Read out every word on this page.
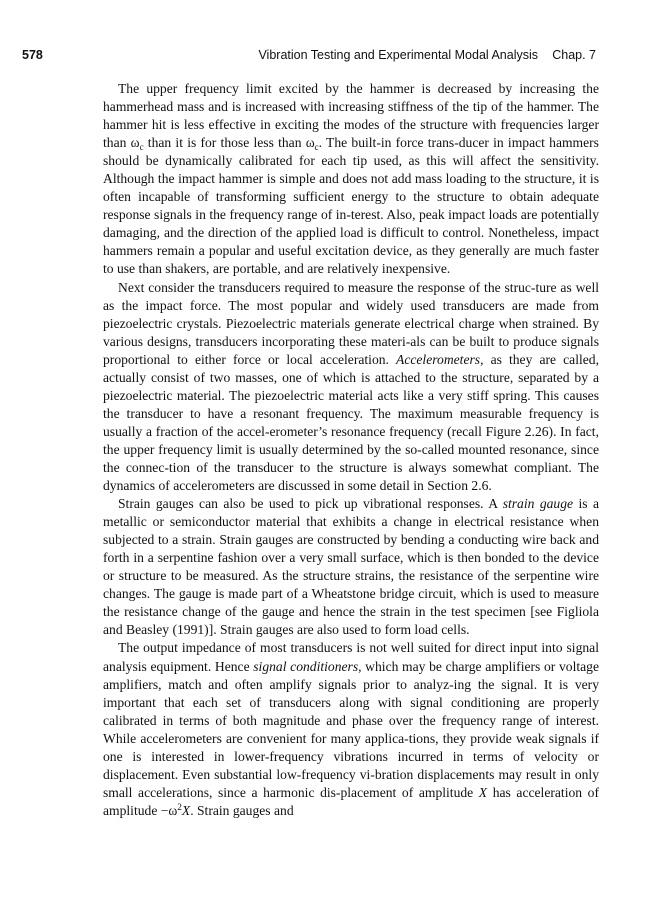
578	Vibration Testing and Experimental Modal Analysis Chap. 7

The upper frequency limit excited by the hammer is decreased by increasing the hammerhead mass and is increased with increasing stiffness of the tip of the hammer. The hammer hit is less effective in exciting the modes of the structure with frequencies larger than $\omega_c$ than it is for those less than $\omega_c$. The built-in force trans-ducer in impact hammers should be dynamically calibrated for each tip used, as this will affect the sensitivity. Although the impact hammer is simple and does not add mass loading to the structure, it is often incapable of transforming sufficient energy to the structure to obtain adequate response signals in the frequency range of in-terest. Also, peak impact loads are potentially damaging, and the direction of the applied load is difficult to control. Nonetheless, impact hammers remain a popular and useful excitation device, as they generally are much faster to use than shakers, are portable, and are relatively inexpensive.

Next consider the transducers required to measure the response of the struc-ture as well as the impact force. The most popular and widely used transducers are made from piezoelectric crystals. Piezoelectric materials generate electrical charge when strained. By various designs, transducers incorporating these materi-als can be built to produce signals proportional to either force or local acceleration. Accelerometers, as they are called, actually consist of two masses, one of which is attached to the structure, separated by a piezoelectric material. The piezoelectric material acts like a very stiff spring. This causes the transducer to have a resonant frequency. The maximum measurable frequency is usually a fraction of the accel-erometer’s resonance frequency (recall Figure 2.26). In fact, the upper frequency limit is usually determined by the so-called mounted resonance, since the connec-tion of the transducer to the structure is always somewhat compliant. The dynamics of accelerometers are discussed in some detail in Section 2.6.

Strain gauges can also be used to pick up vibrational responses. A strain gauge is a metallic or semiconductor material that exhibits a change in electrical resistance when subjected to a strain. Strain gauges are constructed by bending a conducting wire back and forth in a serpentine fashion over a very small surface, which is then bonded to the device or structure to be measured. As the structure strains, the resistance of the serpentine wire changes. The gauge is made part of a Wheatstone bridge circuit, which is used to measure the resistance change of the gauge and hence the strain in the test specimen [see Figliola and Beasley (1991)]. Strain gauges are also used to form load cells.

The output impedance of most transducers is not well suited for direct input into signal analysis equipment. Hence signal conditioners, which may be charge amplifiers or voltage amplifiers, match and often amplify signals prior to analyz-ing the signal. It is very important that each set of transducers along with signal conditioning are properly calibrated in terms of both magnitude and phase over the frequency range of interest. While accelerometers are convenient for many applica-tions, they provide weak signals if one is interested in lower-frequency vibrations incurred in terms of velocity or displacement. Even substantial low-frequency vi-bration displacements may result in only small accelerations, since a harmonic dis-placement of amplitude X has acceleration of amplitude $-\omega^2X$. Strain gauges and
